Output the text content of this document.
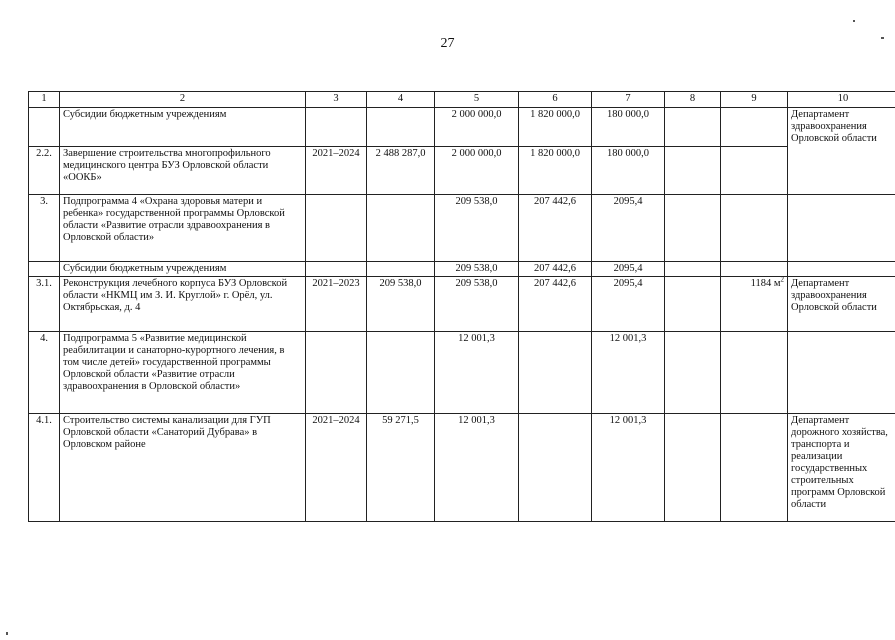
27
1	2	3	4	5	6	7	8	9	10
	Субсидии бюджетным учреждениям			2 000 000,0	1 820 000,0	180 000,0			Департамент здравоохранения Орловской области
2.2.	Завершение строительства многопрофильного медицинского центра БУЗ Орловской области «ООКБ»	2021–2024	2 488 287,0	2 000 000,0	1 820 000,0	180 000,0			
3.	Подпрограмма 4 «Охрана здоровья матери и ребенка» государственной программы Орловской области «Развитие отрасли здравоохранения в Орловской области»			209 538,0	207 442,6	2095,4			
	Субсидии бюджетным учреждениям			209 538,0	207 442,6	2095,4			
3.1.	Реконструкция лечебного корпуса БУЗ Орловской области «НКМЦ им З. И. Круглой» г. Орёл, ул. Октябрьская, д. 4	2021–2023	209 538,0	209 538,0	207 442,6	2095,4		1184 $м^2$	Департамент здравоохранения Орловской области
4.	Подпрограмма 5 «Развитие медицинской реабилитации и санаторно-курортного лечения, в том числе детей» государственной программы Орловской области «Развитие отрасли здравоохранения в Орловской области»			12 001,3		12 001,3			
4.1.	Строительство системы канализации для ГУП Орловской области «Санаторий Дубрава» в Орловском районе	2021–2024	59 271,5	12 001,3		12 001,3			Департамент дорожного хозяйства, транспорта и реализации государственных строительных программ Орловской области
